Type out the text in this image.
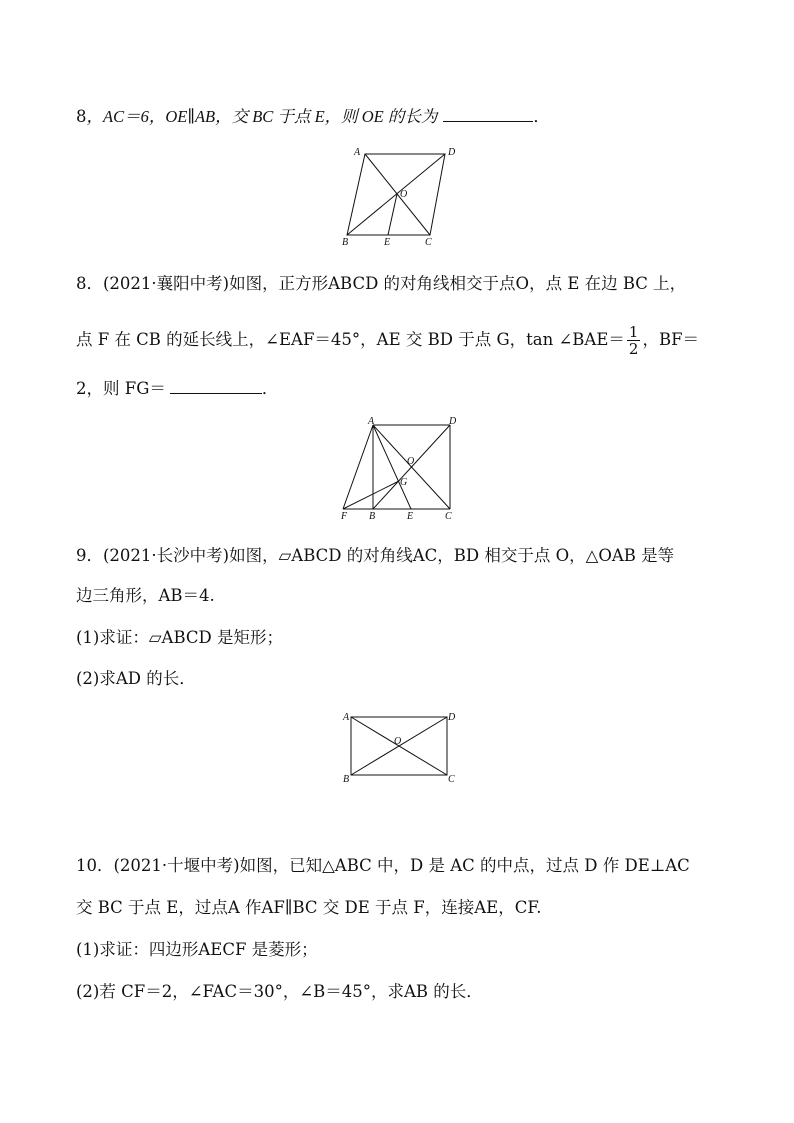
8，AC＝6，OE∥AB，交 BC 于点 E，则 OE 的长为	．
A	D
O
B	E	C
8．(2021·襄阳中考)如图，正方形ABCD 的对角线相交于点O，点 E 在边 BC 上，
点 F 在 CB 的延长线上，∠EAF＝45°，AE 交 BD 于点 G，tan ∠BAE＝ $\frac{1}{2}$ ，BF＝
2，则 FG＝	．
A	D
O
G
F B	E	C
9．(2021·长沙中考)如图，▱ABCD 的对角线AC，BD 相交于点 O，△OAB 是等
边三角形，AB＝4.
(1)求证：▱ABCD 是矩形；
(2)求AD 的长．
A	D
O
B	C
10．(2021·十堰中考)如图，已知△ABC 中，D 是 AC 的中点，过点 D 作 DE⊥AC
交 BC 于点 E，过点A 作AF∥BC 交 DE 于点 F，连接AE，CF.
(1)求证：四边形AECF 是菱形；
(2)若 CF＝2，∠FAC＝30°，∠B＝45°，求AB 的长．
